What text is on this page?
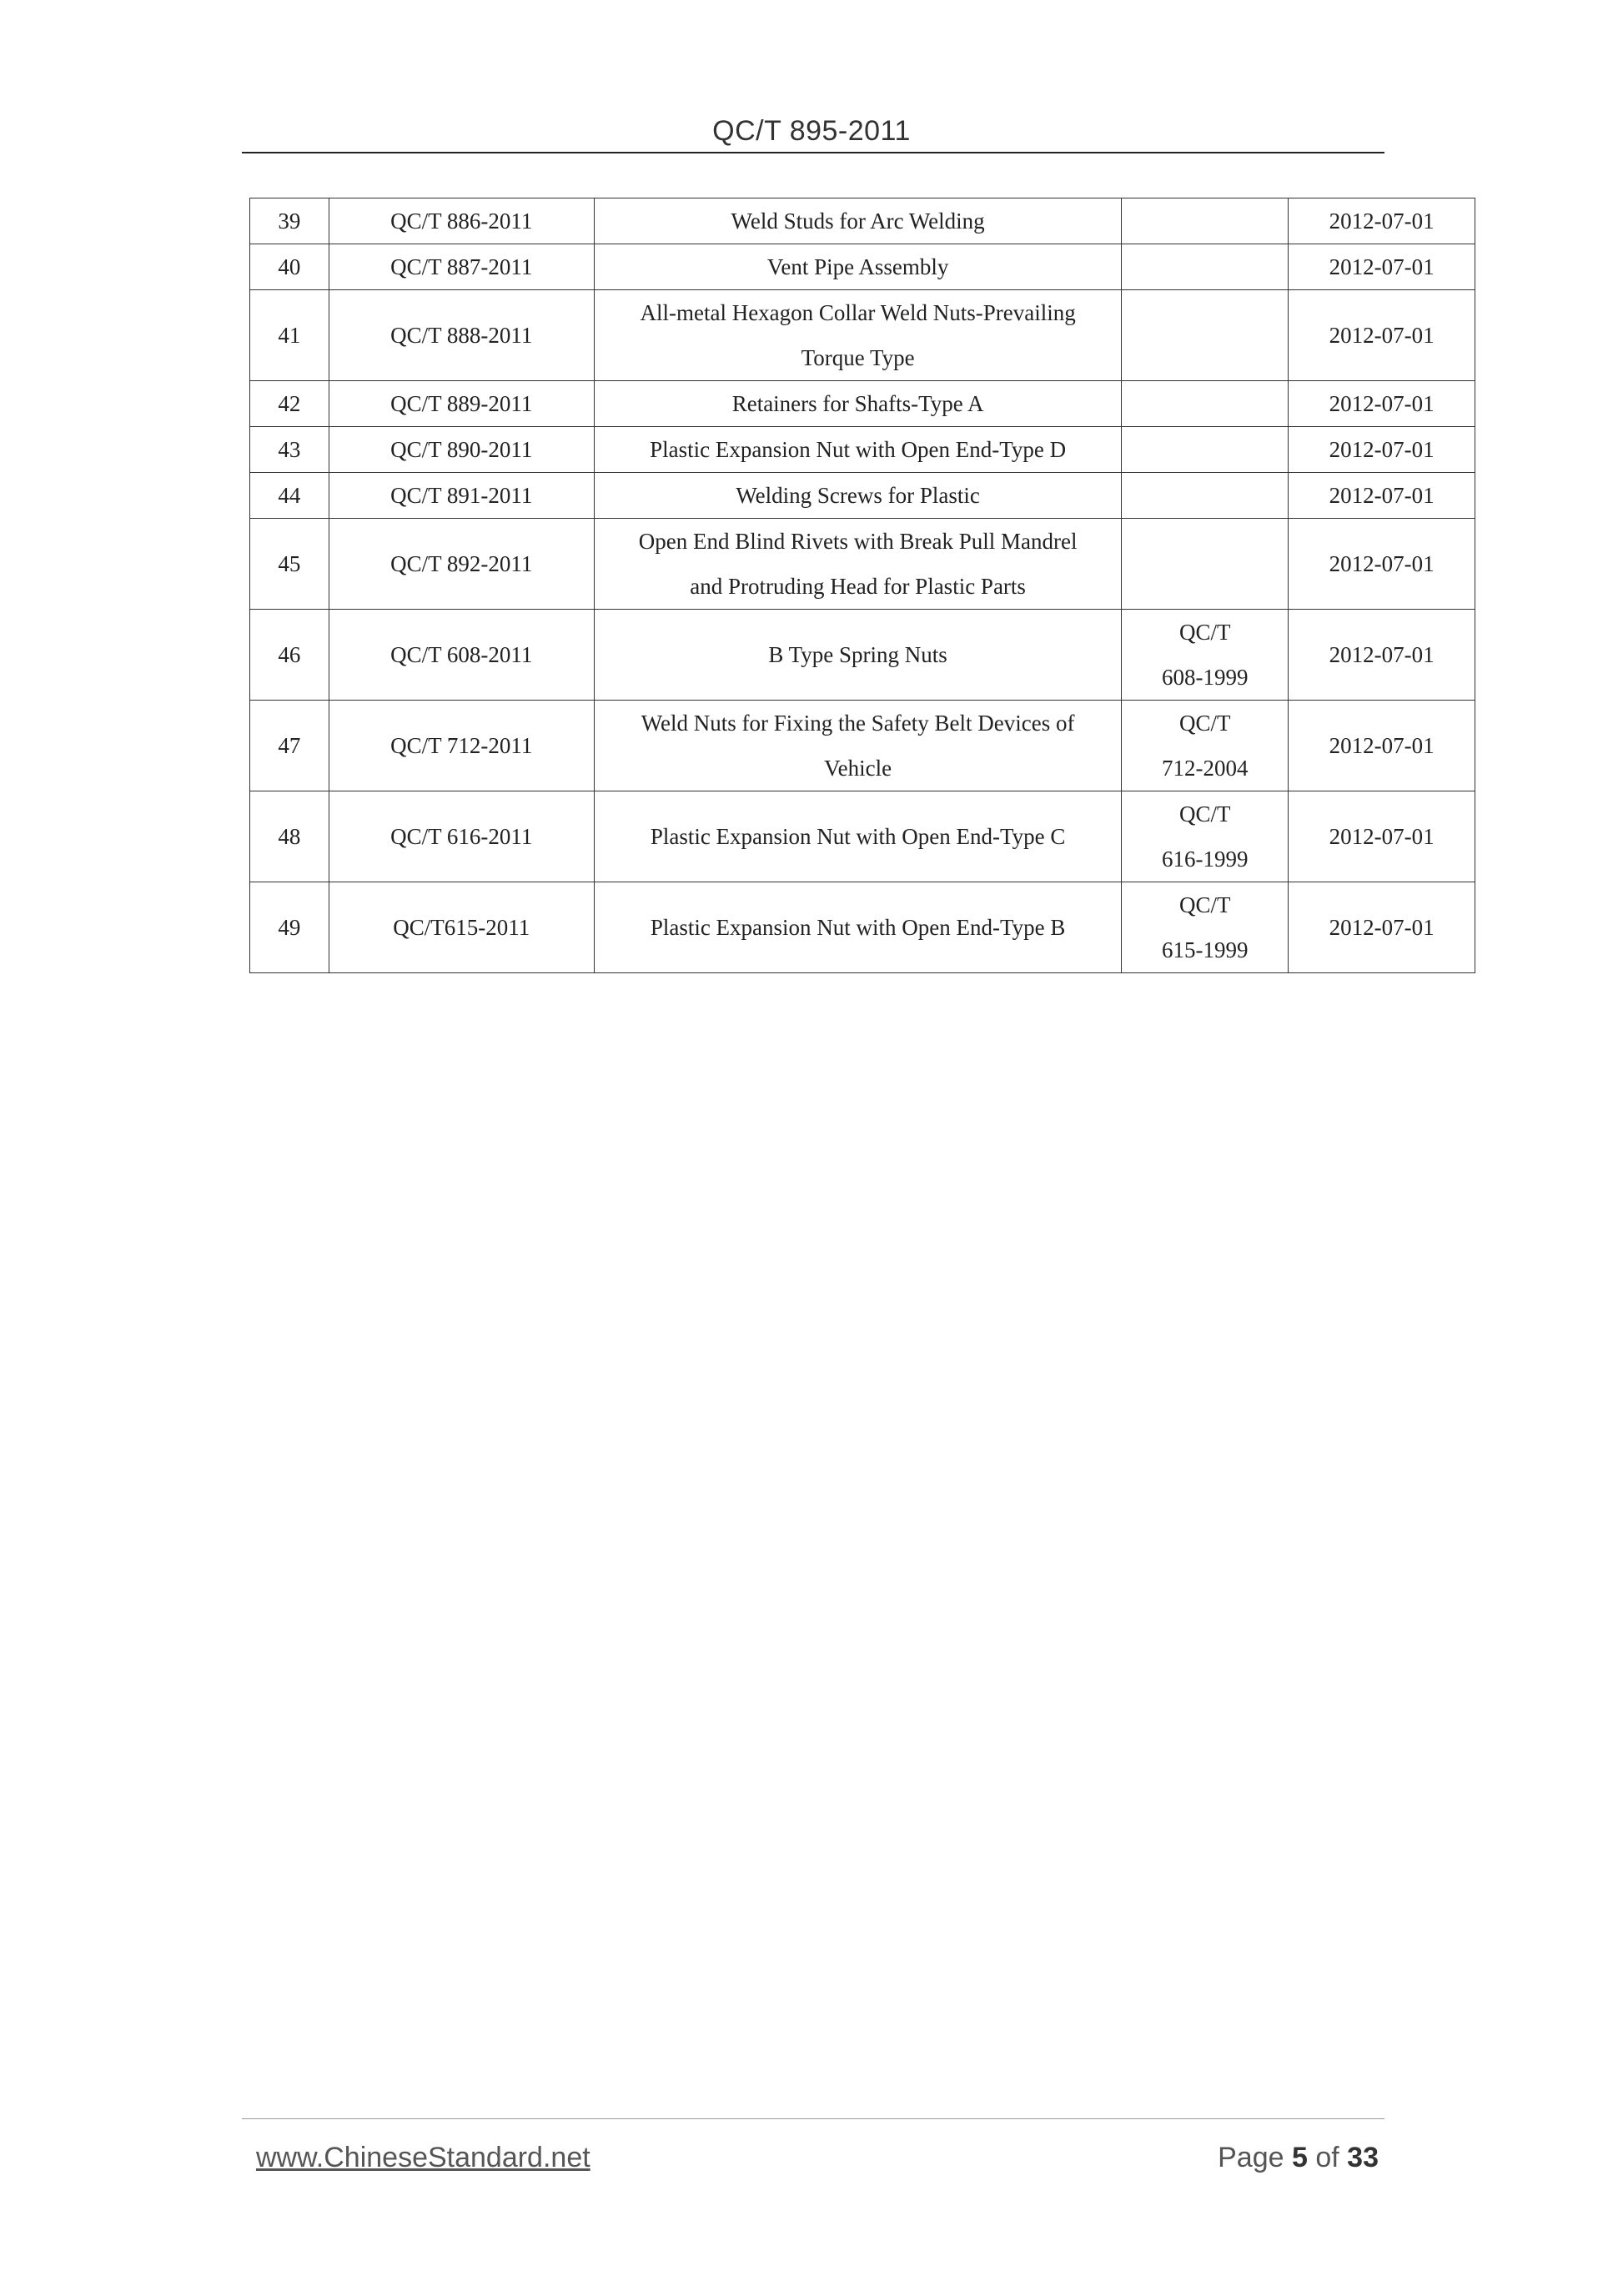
QC/T 895-2011
39	QC/T 886-2011	Weld Studs for Arc Welding		2012-07-01
40	QC/T 887-2011	Vent Pipe Assembly		2012-07-01
41	QC/T 888-2011	All-metal Hexagon Collar Weld Nuts-Prevailing
Torque Type		2012-07-01
42	QC/T 889-2011	Retainers for Shafts-Type A		2012-07-01
43	QC/T 890-2011	Plastic Expansion Nut with Open End-Type D		2012-07-01
44	QC/T 891-2011	Welding Screws for Plastic		2012-07-01
45	QC/T 892-2011	Open End Blind Rivets with Break Pull Mandrel
and Protruding Head for Plastic Parts		2012-07-01
46	QC/T 608-2011	B Type Spring Nuts	QC/T
608-1999	2012-07-01
47	QC/T 712-2011	Weld Nuts for Fixing the Safety Belt Devices of
Vehicle	QC/T
712-2004	2012-07-01
48	QC/T 616-2011	Plastic Expansion Nut with Open End-Type C	QC/T
616-1999	2012-07-01
49	QC/T615-2011	Plastic Expansion Nut with Open End-Type B	QC/T
615-1999	2012-07-01
www.ChineseStandard.net	Page 5 of 33
